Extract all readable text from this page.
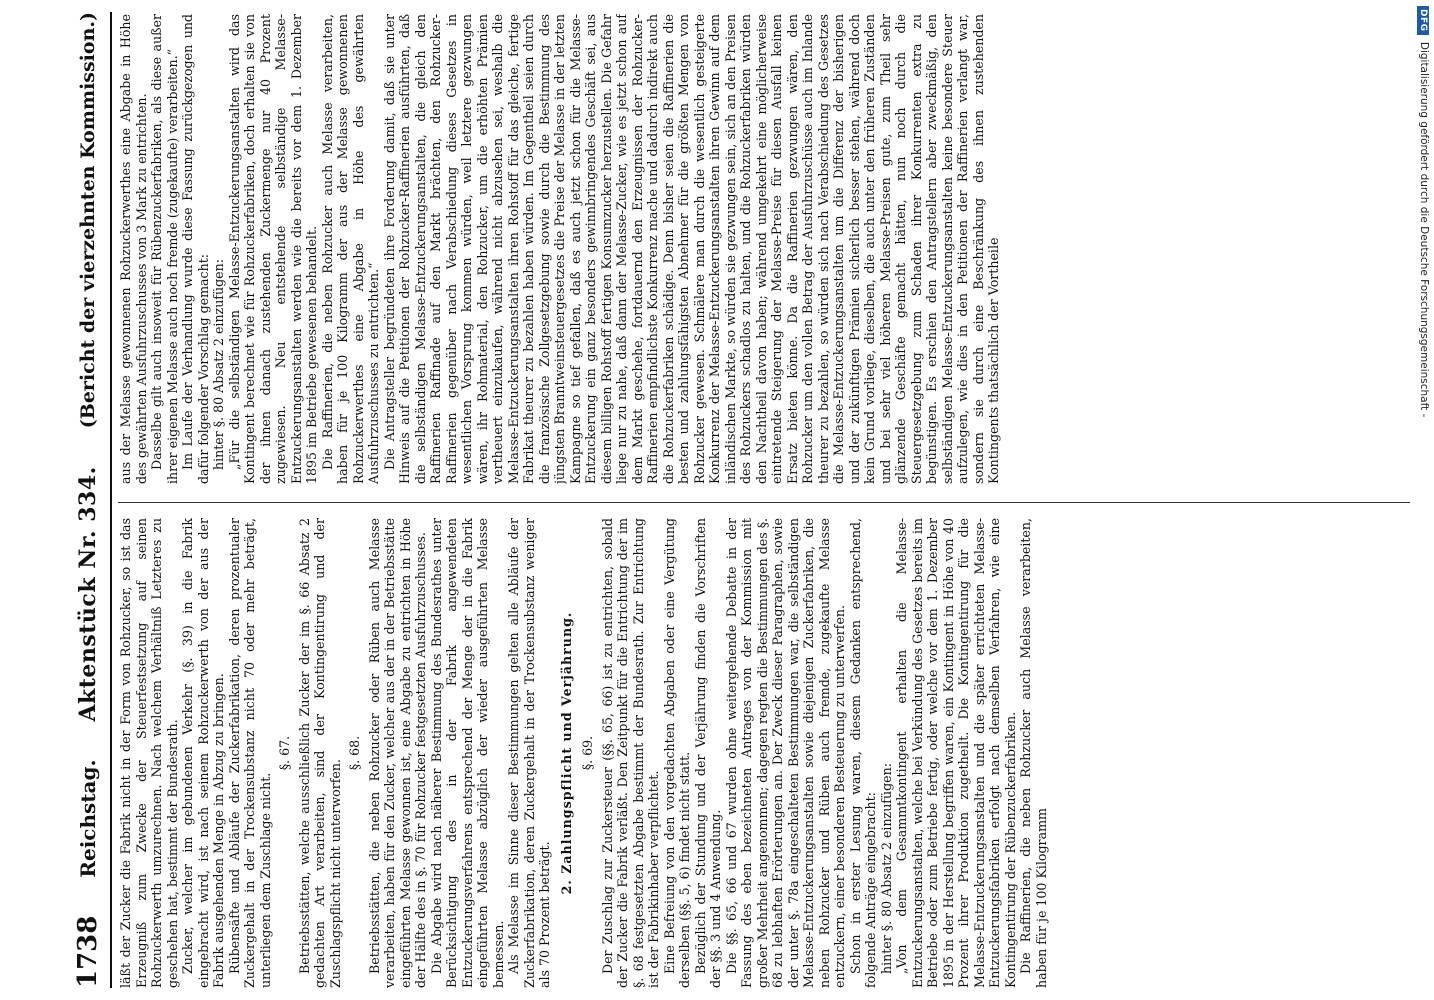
1738
Reichstag.
Aktenstück Nr. 334.
(Bericht der vierzehnten Kommission.)

läßt der Zucker die Fabrik nicht in der Form von Rohzucker, so ist das Erzeugniß zum Zwecke der Steuerfestsetzung auf seinen Rohzuckerwerth umzurechnen. Nach welchem Verhältniß Letzteres zu geschehen hat, bestimmt der Bundesrath. Zucker, welcher im gebundenen Verkehr (§. 39) in die Fabrik eingebracht wird, ist nach seinem Rohzuckerwerth von der aus der Fabrik ausgehenden Menge in Abzug zu bringen. Rübensäfte und Abläufe der Zuckerfabrikation, deren prozentualer Zuckergehalt in der Trockensubstanz nicht 70 oder mehr beträgt, unterliegen dem Zuschlage nicht.

§. 67. Betriebsstätten, welche ausschließlich Zucker der im §. 66 Absatz 2 gedachten Art verarbeiten, sind der Kontingentirung und der Zuschlagspflicht nicht unterworfen.

§. 68. Betriebsstätten, die neben Rohzucker oder Rüben auch Melasse verarbeiten, haben für den Zucker, welcher aus der in der Betriebsstätte eingeführten Melasse gewonnen ist, eine Abgabe zu entrichten in Höhe der Hälfte des in §. 70 für Rohzucker festgesetzten Ausfuhrzuschusses. Die Abgabe wird nach näherer Bestimmung des Bundesrathes unter Berücksichtigung des in der Fabrik angewendeten Entzuckerungsverfahrens entsprechend der Menge der in die Fabrik eingeführten Melasse abzüglich der wieder ausgeführten Melasse bemessen. Als Melasse im Sinne dieser Bestimmungen gelten alle Abläufe der Zuckerfabrikation, deren Zuckergehalt in der Trockensubstanz weniger als 70 Prozent beträgt.

2. Zahlungspflicht und Verjährung. §. 69. Der Zuschlag zur Zuckersteuer (§§. 65, 66) ist zu entrichten, sobald der Zucker die Fabrik verläßt. Den Zeitpunkt für die Entrichtung der im §. 68 festgesetzten Abgabe bestimmt der Bundesrath. Zur Entrichtung ist der Fabrikinhaber verpflichtet. Eine Befreiung von den vorgedachten Abgaben oder eine Vergütung derselben (§§. 5, 6) findet nicht statt. Bezüglich der Stundung und der Verjährung finden die Vorschriften der §§. 3 und 4 Anwendung. Die §§. 65, 66 und 67 wurden ohne weitergehende Debatte in der Fassung des eben bezeichneten Antrages von der Kommission mit großer Mehrheit angenommen; dagegen regten die Bestimmungen des §. 68 zu lebhaften Erörterungen an. Der Zweck dieser Paragraphen, sowie der unter §. 78a eingeschalteten Bestimmungen war, die selbständigen Melasse-Entzuckerungsanstalten sowie diejenigen Zuckerfabriken, die neben Rohzucker und Rüben auch fremde, zugekaufte Melasse entzuckern, einer besonderen Besteuerung zu unterwerfen. Schon in erster Lesung waren, diesem Gedanken entsprechend, folgende Anträge eingebracht: hinter §. 80 Absatz 2 einzufügen: „Von dem Gesammtkontingent erhalten die Melasse-Entzuckerungsanstalten, welche bei Verkündung des Gesetzes bereits im Betriebe oder zum Betriebe fertig, oder welche vor dem 1. Dezember 1895 in der Herstellung begriffen waren, ein Kontingent in Höhe von 40 Prozent ihrer Produktion zugetheilt. Die Kontingentirung für die Melasse-Entzuckerungsanstalten und die später errichteten Melasse-Entzuckerungsfabriken erfolgt nach demselben Verfahren, wie eine Kontingentirung der Rübenzuckerfabriken. Die Raffinerien, die neben Rohzucker auch Melasse verarbeiten, haben für je 100 Kilogramm

aus der Melasse gewonnenen Rohzuckerwerthes eine Abgabe in Höhe des gewährten Ausfuhrzuschusses von 3 Mark zu entrichten. Dasselbe gilt auch insoweit für Rübenzuckerfabriken, als diese außer ihrer eigenen Melasse auch noch fremde (zugekaufte) verarbeiten.“ Im Laufe der Verhandlung wurde diese Fassung zurückgezogen und dafür folgender Vorschlag gemacht: hinter §. 80 Absatz 2 einzufügen: „Für die selbständigen Melasse-Entzuckerungsanstalten wird das Kontingent berechnet wie für Rohzuckerfabriken, doch erhalten sie von der ihnen danach zustehenden Zuckermenge nur 40 Prozent zugewiesen. Neu entstehende selbständige Melasse-Entzuckerungsanstalten werden wie die bereits vor dem 1. Dezember 1895 im Betriebe gewesenen behandelt. Die Raffinerien, die neben Rohzucker auch Melasse verarbeiten, haben für je 100 Kilogramm der aus der Melasse gewonnenen Rohzuckerwerthes eine Abgabe in Höhe des gewährten Ausfuhrzuschusses zu entrichten.“ Die Antragsteller begründeten ihre Forderung damit, daß sie unter Hinweis auf die Petitionen der Rohzucker-Raffinerien ausführten, daß die selbständigen Melasse-Entzuckerungsanstalten, die gleich den Raffinerien Raffinade auf den Markt brächten, den Rohzucker-Raffinerien gegenüber nach Verabschiedung dieses Gesetzes in wesentlichen Vorsprung kommen würden, weil letztere gezwungen wären, ihr Rohmaterial, den Rohzucker, um die erhöhten Prämien vertheuert einzukaufen, während nicht abzusehen sei, weshalb die Melasse-Entzuckerungsanstalten ihren Rohstoff für das gleiche, fertige Fabrikat theurer zu bezahlen haben würden. Im Gegentheil seien durch die französische Zollgesetzgebung sowie durch die Bestimmung des jüngsten Branntweinsteuergesetzes die Preise der Melasse in der letzten Kampagne so tief gefallen, daß es auch jetzt schon für die Melasse-Entzuckerung ein ganz besonders gewinnbringendes Geschäft sei, aus diesem billigen Rohstoff fertigen Konsumzucker herzustellen. Die Gefahr liege nur zu nahe, daß dann der Melasse-Zucker, wie es jetzt schon auf dem Markt geschehe, fortdauernd den Erzeugnissen der Rohzucker-Raffinerien empfindlichste Konkurrenz mache und dadurch indirekt auch die Rohzuckerfabriken schädige. Denn bisher seien die Raffinerien die besten und zahlungsfähigsten Abnehmer für die größten Mengen von Rohzucker gewesen. Schmälere man durch die wesentlich gesteigerte Konkurrenz der Melasse-Entzuckerungsanstalten ihren Gewinn auf dem inländischen Markte, so würden sie gezwungen sein, sich an den Preisen des Rohzuckers schadlos zu halten, und die Rohzuckerfabriken würden den Nachtheil davon haben; während umgekehrt eine möglicherweise eintretende Steigerung der Melasse-Preise für diesen Ausfall keinen Ersatz bieten könne. Da die Raffinerien gezwungen wären, den Rohzucker um den vollen Betrag der Ausfuhrzuschüsse auch im Inlande theurer zu bezahlen, so würden sich nach Verabschiedung des Gesetzes die Melasse-Entzuckerungsanstalten um die Differenz der bisherigen und der zukünftigen Prämien sicherlich besser stehen, während doch kein Grund vorliege, dieselben, die auch unter den früheren Zuständen und bei sehr viel höheren Melasse-Preisen gute, zum Theil sehr glänzende Geschäfte gemacht hätten, nun noch durch die Steuergesetzgebung zum Schaden ihrer Konkurrenten extra zu begünstigen. Es erschien den Antragstellern aber zweckmäßig, den selbständigen Melasse-Entzuckerungsanstalten keine besondere Steuer aufzulegen, wie dies in den Petitionen der Raffinerien verlangt war, sondern sie durch eine Beschränkung des ihnen zustehenden Kontingents thatsächlich der Vortheile

DFG Digitalisierung gefördert durch die Deutsche Forschungsgemeinschaft -
